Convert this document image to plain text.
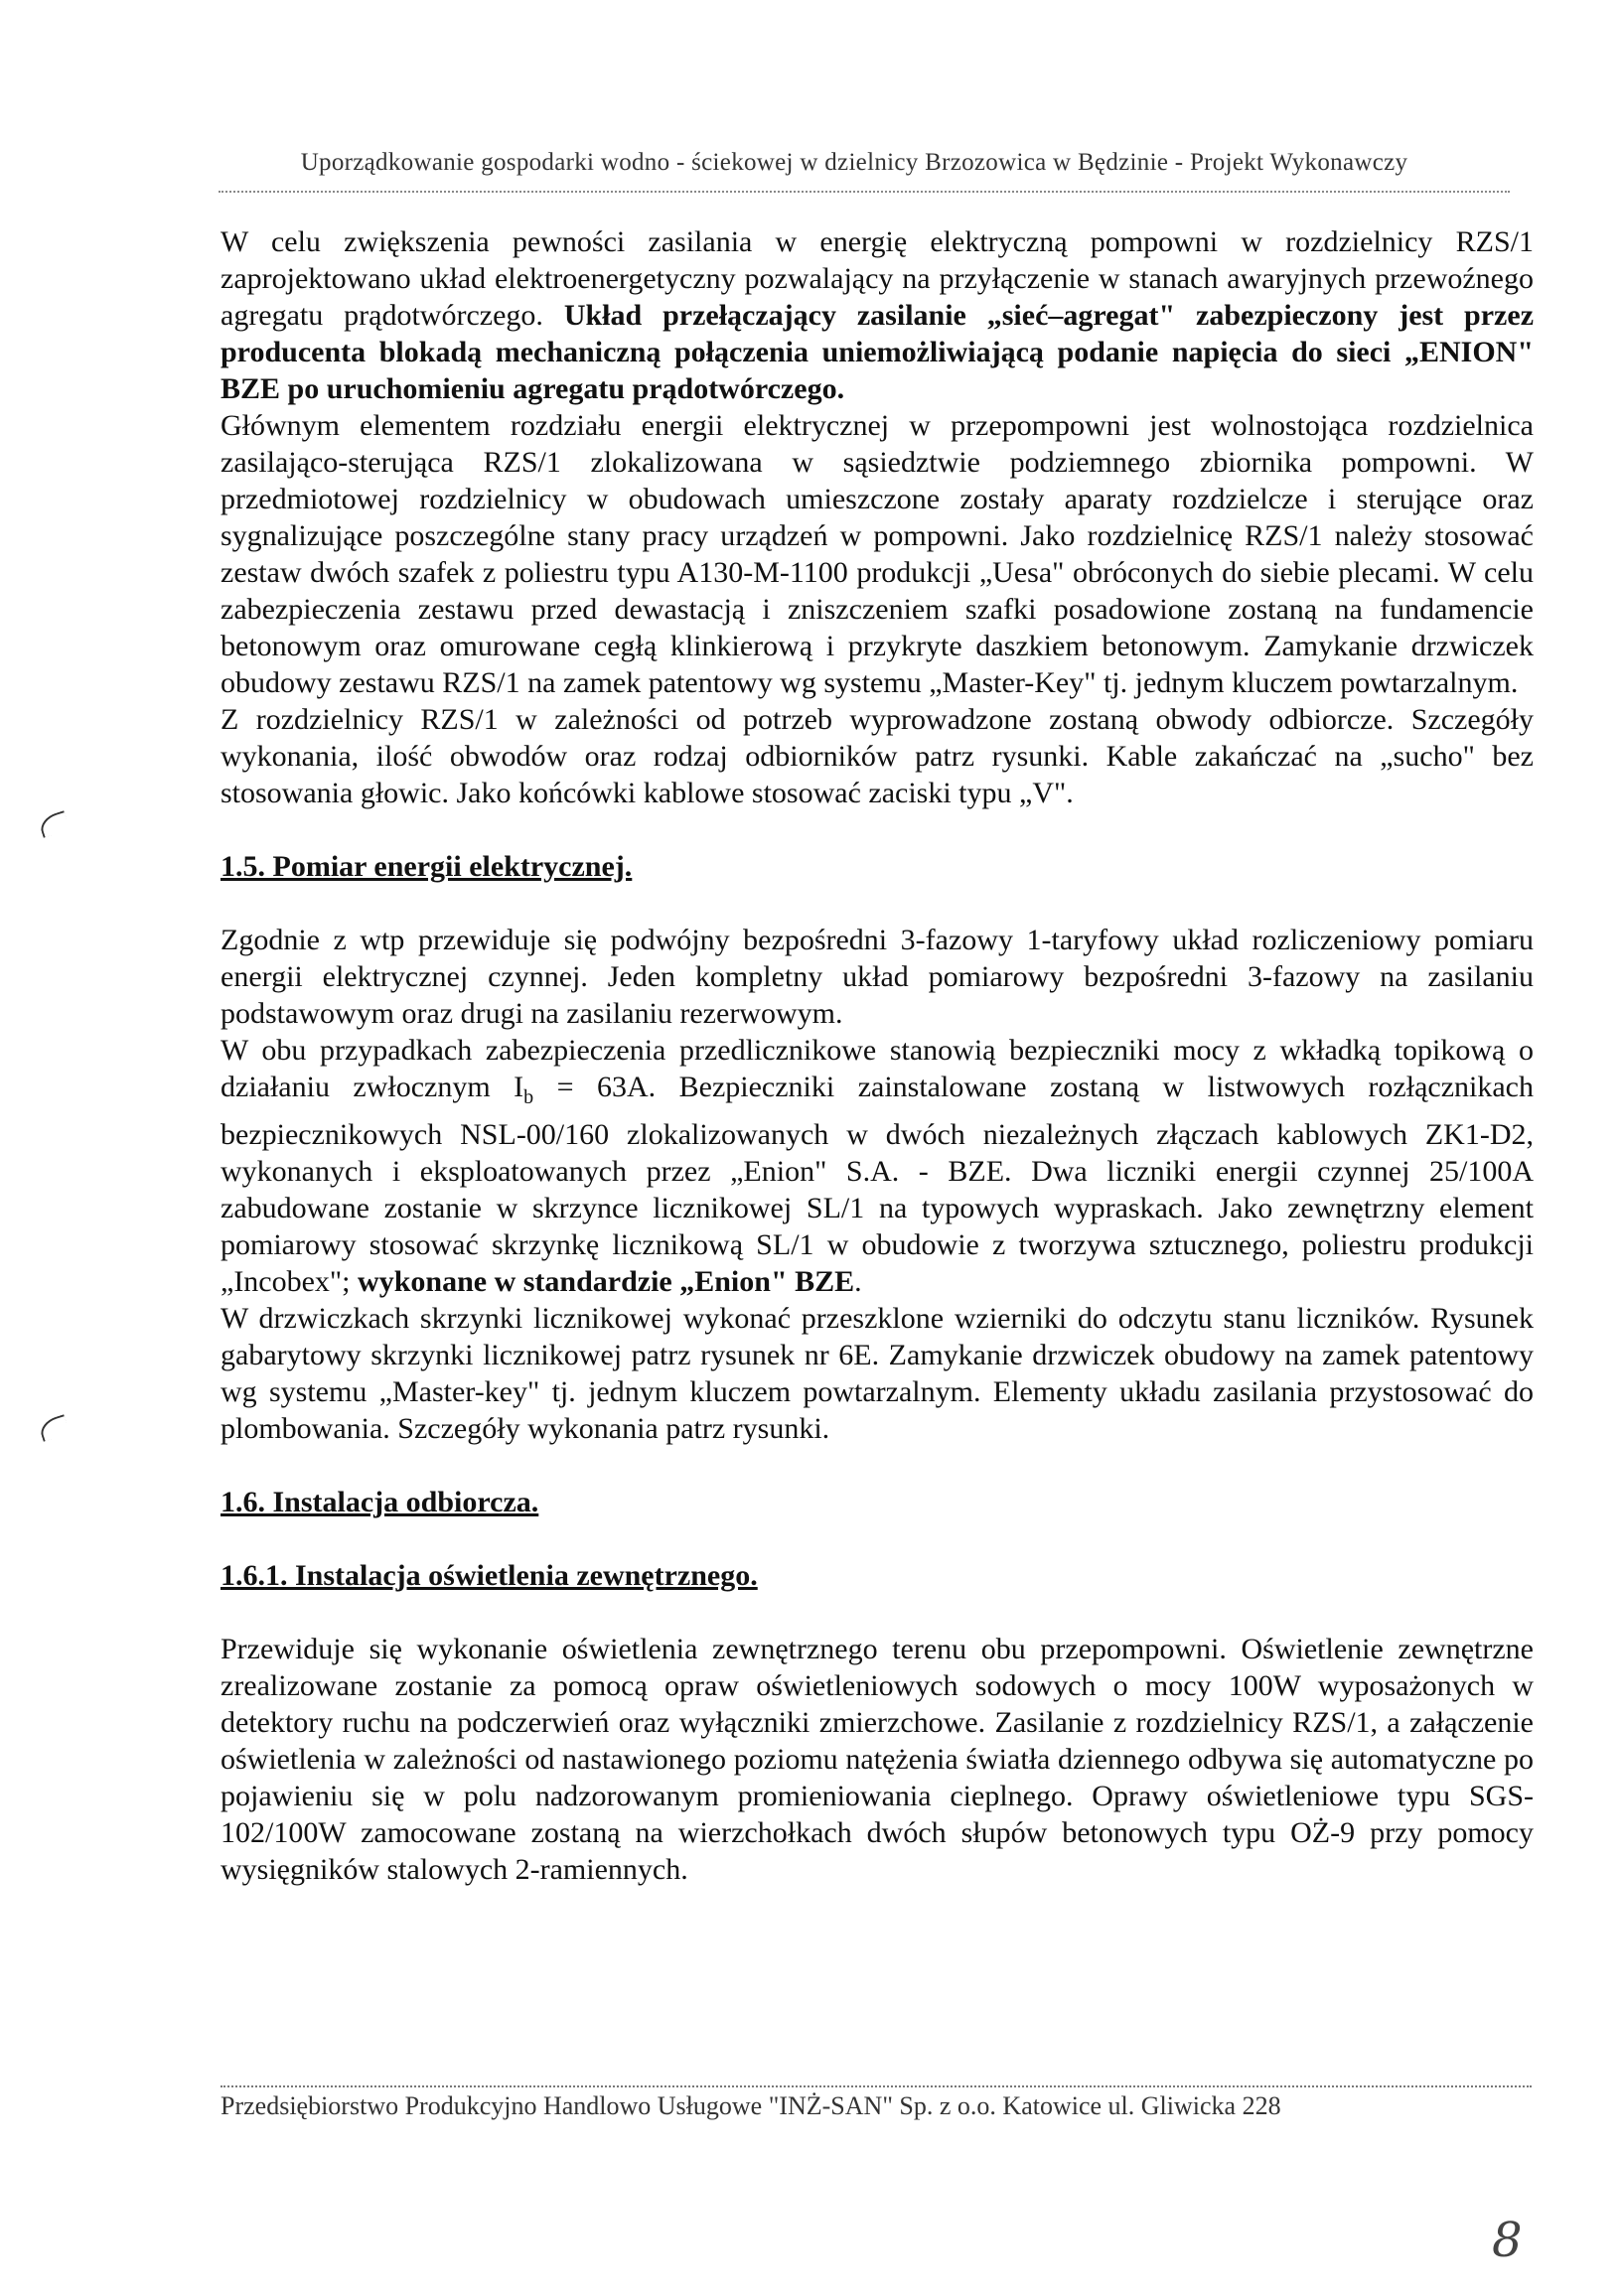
Uporządkowanie gospodarki wodno - ściekowej w dzielnicy Brzozowica w Będzinie - Projekt Wykonawczy

W celu zwiększenia pewności zasilania w energię elektryczną pompowni w rozdzielnicy RZS/1 zaprojektowano układ elektroenergetyczny pozwalający na przyłączenie w stanach awaryjnych przewoźnego agregatu prądotwórczego. Układ przełączający zasilanie „sieć–agregat" zabezpieczony jest przez producenta blokadą mechaniczną połączenia uniemożliwiającą podanie napięcia do sieci „ENION" BZE po uruchomieniu agregatu prądotwórczego.

Głównym elementem rozdziału energii elektrycznej w przepompowni jest wolnostojąca rozdzielnica zasilająco-sterująca RZS/1 zlokalizowana w sąsiedztwie podziemnego zbiornika pompowni. W przedmiotowej rozdzielnicy w obudowach umieszczone zostały aparaty rozdzielcze i sterujące oraz sygnalizujące poszczególne stany pracy urządzeń w pompowni. Jako rozdzielnicę RZS/1 należy stosować zestaw dwóch szafek z poliestru typu A130-M-1100 produkcji „Uesa" obróconych do siebie plecami. W celu zabezpieczenia zestawu przed dewastacją i zniszczeniem szafki posadowione zostaną na fundamencie betonowym oraz omurowane cegłą klinkierową i przykryte daszkiem betonowym. Zamykanie drzwiczek obudowy zestawu RZS/1 na zamek patentowy wg systemu „Master-Key" tj. jednym kluczem powtarzalnym.

Z rozdzielnicy RZS/1 w zależności od potrzeb wyprowadzone zostaną obwody odbiorcze. Szczegóły wykonania, ilość obwodów oraz rodzaj odbiorników patrz rysunki. Kable zakańczać na „sucho" bez stosowania głowic. Jako końcówki kablowe stosować zaciski typu „V".

1.5. Pomiar energii elektrycznej.

Zgodnie z wtp przewiduje się podwójny bezpośredni 3-fazowy 1-taryfowy układ rozliczeniowy pomiaru energii elektrycznej czynnej. Jeden kompletny układ pomiarowy bezpośredni 3-fazowy na zasilaniu podstawowym oraz drugi na zasilaniu rezerwowym.

W obu przypadkach zabezpieczenia przedlicznikowe stanowią bezpieczniki mocy z wkładką topikową o działaniu zwłocznym $I_b = 63A$. Bezpieczniki zainstalowane zostaną w listwowych rozłącznikach bezpiecznikowych NSL-00/160 zlokalizowanych w dwóch niezależnych złączach kablowych ZK1-D2, wykonanych i eksploatowanych przez „Enion" S.A. - BZE. Dwa liczniki energii czynnej 25/100A zabudowane zostanie w skrzynce licznikowej SL/1 na typowych wypraskach. Jako zewnętrzny element pomiarowy stosować skrzynkę licznikową SL/1 w obudowie z tworzywa sztucznego, poliestru produkcji „Incobex"; wykonane w standardzie „Enion" BZE.

W drzwiczkach skrzynki licznikowej wykonać przeszklone wzierniki do odczytu stanu liczników. Rysunek gabarytowy skrzynki licznikowej patrz rysunek nr 6E. Zamykanie drzwiczek obudowy na zamek patentowy wg systemu „Master-key" tj. jednym kluczem powtarzalnym. Elementy układu zasilania przystosować do plombowania. Szczegóły wykonania patrz rysunki.

1.6. Instalacja odbiorcza.

1.6.1. Instalacja oświetlenia zewnętrznego.

Przewiduje się wykonanie oświetlenia zewnętrznego terenu obu przepompowni. Oświetlenie zewnętrzne zrealizowane zostanie za pomocą opraw oświetleniowych sodowych o mocy 100W wyposażonych w detektory ruchu na podczerwień oraz wyłączniki zmierzchowe. Zasilanie z rozdzielnicy RZS/1, a załączenie oświetlenia w zależności od nastawionego poziomu natężenia światła dziennego odbywa się automatyczne po pojawieniu się w polu nadzorowanym promieniowania cieplnego. Oprawy oświetleniowe typu SGS-102/100W zamocowane zostaną na wierzchołkach dwóch słupów betonowych typu OŻ-9 przy pomocy wysięgników stalowych 2-ramiennych.

Przedsiębiorstwo Produkcyjno Handlowo Usługowe "INŻ-SAN" Sp. z o.o. Katowice ul. Gliwicka 228
8
